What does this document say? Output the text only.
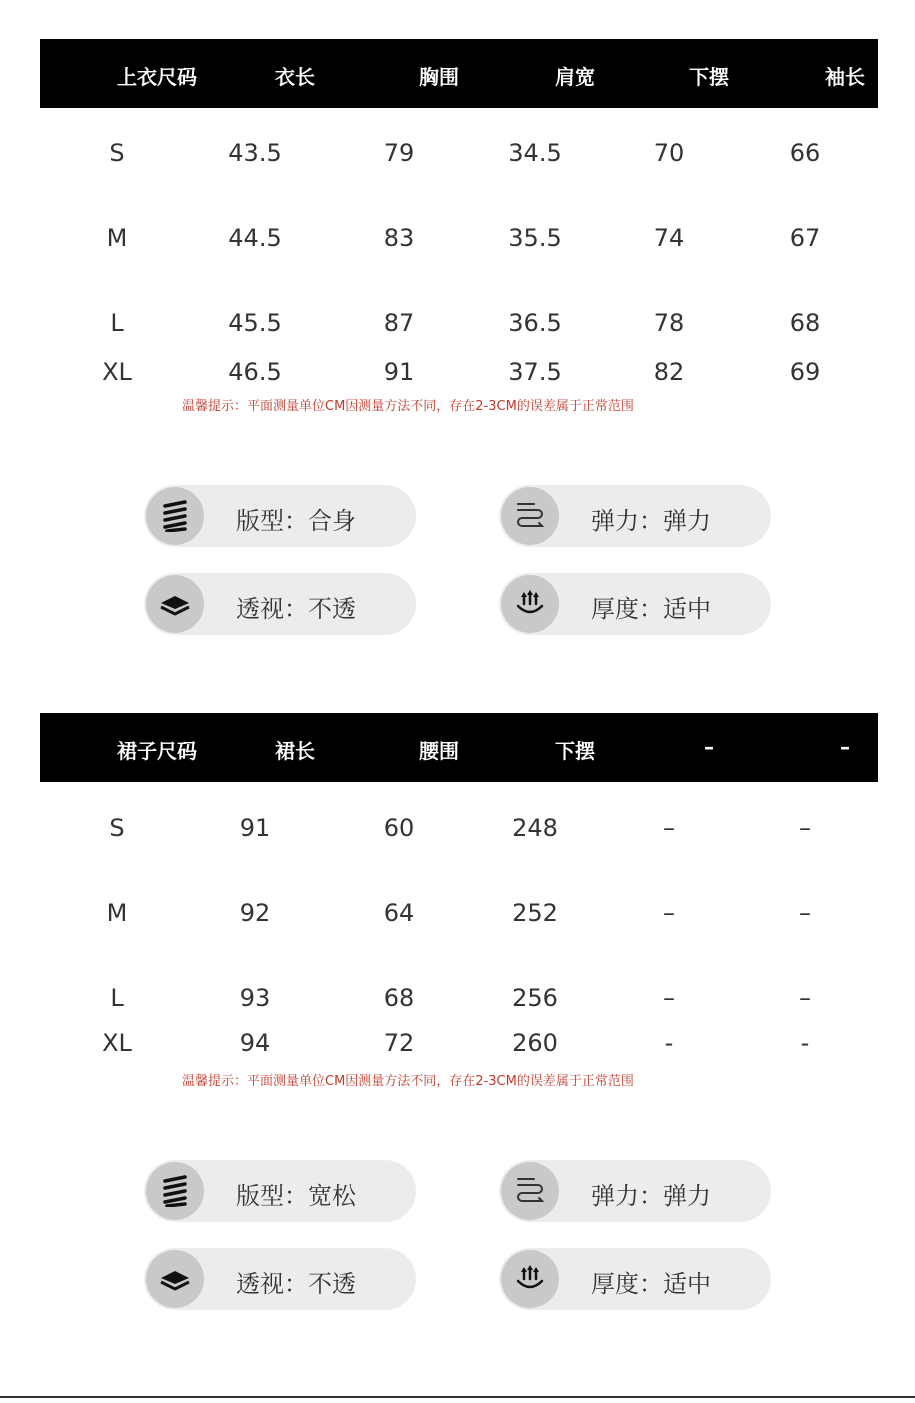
上衣尺码	衣长	胸围	肩宽	下摆	袖长
S	43.5	79	34.5	70	66
M	44.5	83	35.5	74	67
L	45.5	87	36.5	78	68
XL	46.5	91	37.5	82	69
温馨提示：平面测量单位CM因测量方法不同，存在2-3CM的误差属于正常范围
版型：合身	弹力：弹力
透视：不透	厚度：适中
裙子尺码	裙长	腰围	下摆	–	–
S	91	60	248	–	–
M	92	64	252	–	–
L	93	68	256	–	–
XL	94	72	260	-	-
温馨提示：平面测量单位CM因测量方法不同，存在2-3CM的误差属于正常范围
版型：宽松	弹力：弹力
透视：不透	厚度：适中
